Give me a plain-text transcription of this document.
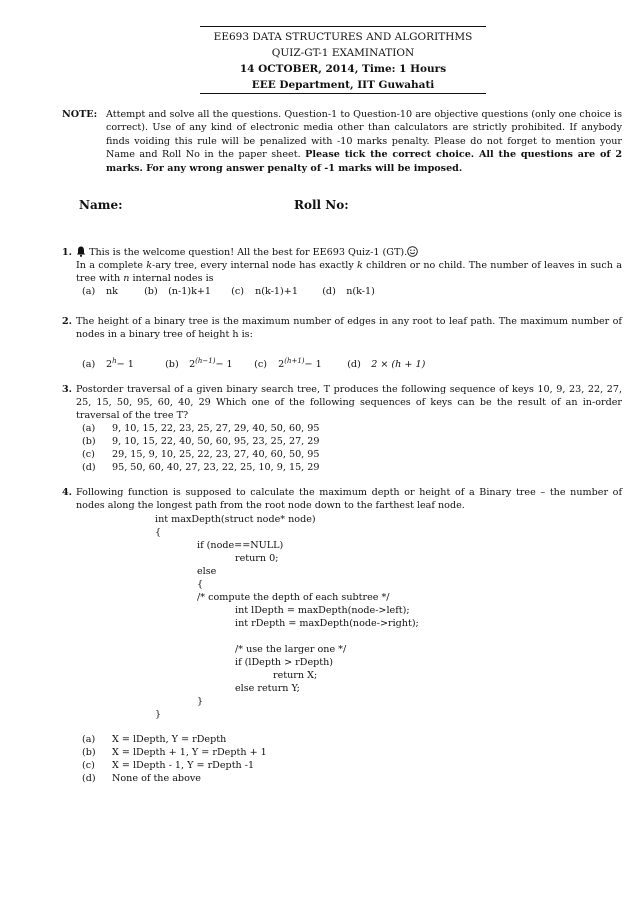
EE693 DATA STRUCTURES AND ALGORITHMS
QUIZ-GT-1 EXAMINATION
14 OCTOBER, 2014, Time: 1 Hours
EEE Department, IIT Guwahati
NOTE: Attempt and solve all the questions. Question-1 to Question-10 are objective questions (only one choice is correct). Use of any kind of electronic media other than calculators are strictly prohibited. If anybody finds voiding this rule will be penalized with -10 marks penalty. Please do not forget to mention your Name and Roll No in the paper sheet. Please tick the correct choice. All the questions are of 2 marks. For any wrong answer penalty of -1 marks will be imposed.
Name:	Roll No:
1.	This is the welcome question! All the best for EE693 Quiz-1 (GT).
In a complete k-ary tree, every internal node has exactly k children or no child. The number of leaves in such a tree with n internal nodes is
(a) nk	(b) (n-1)k+1 (c) n(k-1)+1	(d) n(k-1)
2. The height of a binary tree is the maximum number of edges in any root to leaf path. The maximum number of nodes in a binary tree of height h is:
(a) $2^h- 1$	(b) $2^{(h-1)}- 1$ (c) $2^{(h+1)}- 1$	(d) 2 × (h + 1)
3. Postorder traversal of a given binary search tree, T produces the following sequence of keys 10, 9, 23, 22, 27, 25, 15, 50, 95, 60, 40, 29 Which one of the following sequences of keys can be the result of an in-order traversal of the tree T?
(a) 9, 10, 15, 22, 23, 25, 27, 29, 40, 50, 60, 95
(b) 9, 10, 15, 22, 40, 50, 60, 95, 23, 25, 27, 29
(c) 29, 15, 9, 10, 25, 22, 23, 27, 40, 60, 50, 95
(d) 95, 50, 60, 40, 27, 23, 22, 25, 10, 9, 15, 29
4. Following function is supposed to calculate the maximum depth or height of a Binary tree – the number of nodes along the longest path from the root node down to the farthest leaf node.
int maxDepth(struct node* node)
{
if (node==NULL)
return 0;
else
{
/* compute the depth of each subtree */
int lDepth = maxDepth(node->left);
int rDepth = maxDepth(node->right);
/* use the larger one */
if (lDepth > rDepth)
return X;
else return Y;
}
}
(a) X = lDepth, Y = rDepth
(b) X = lDepth + 1, Y = rDepth + 1
(c) X = lDepth - 1, Y = rDepth -1
(d) None of the above
